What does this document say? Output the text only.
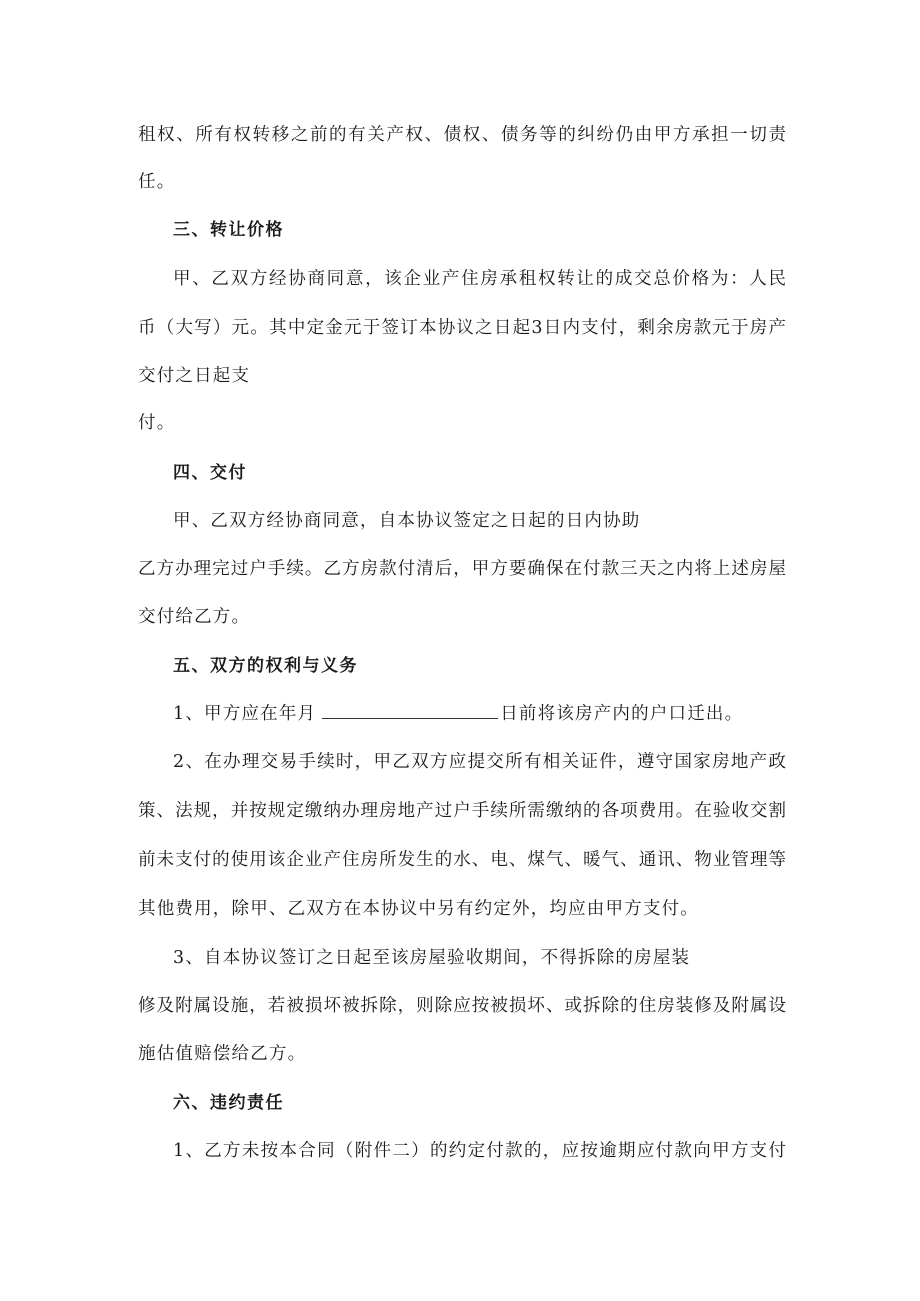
租权、所有权转移之前的有关产权、债权、债务等的纠纷仍由甲方承担一切责
任。
三、转让价格
甲、乙双方经协商同意，该企业产住房承租权转让的成交总价格为：人民
币（大写）元。其中定金元于签订本协议之日起3日内支付，剩余房款元于房产
交付之日起支
付。
四、交付
甲、乙双方经协商同意，自本协议签定之日起的日内协助
乙方办理完过户手续。乙方房款付清后，甲方要确保在付款三天之内将上述房屋
交付给乙方。
五、双方的权利与义务
1、甲方应在年月	日前将该房产内的户口迁出。
2、在办理交易手续时，甲乙双方应提交所有相关证件，遵守国家房地产政
策、法规，并按规定缴纳办理房地产过户手续所需缴纳的各项费用。在验收交割
前未支付的使用该企业产住房所发生的水、电、煤气、暖气、通讯、物业管理等
其他费用，除甲、乙双方在本协议中另有约定外，均应由甲方支付。
3、自本协议签订之日起至该房屋验收期间，不得拆除的房屋装
修及附属设施，若被损坏被拆除，则除应按被损坏、或拆除的住房装修及附属设
施估值赔偿给乙方。
六、违约责任
1、乙方未按本合同（附件二）的约定付款的，应按逾期应付款向甲方支付
